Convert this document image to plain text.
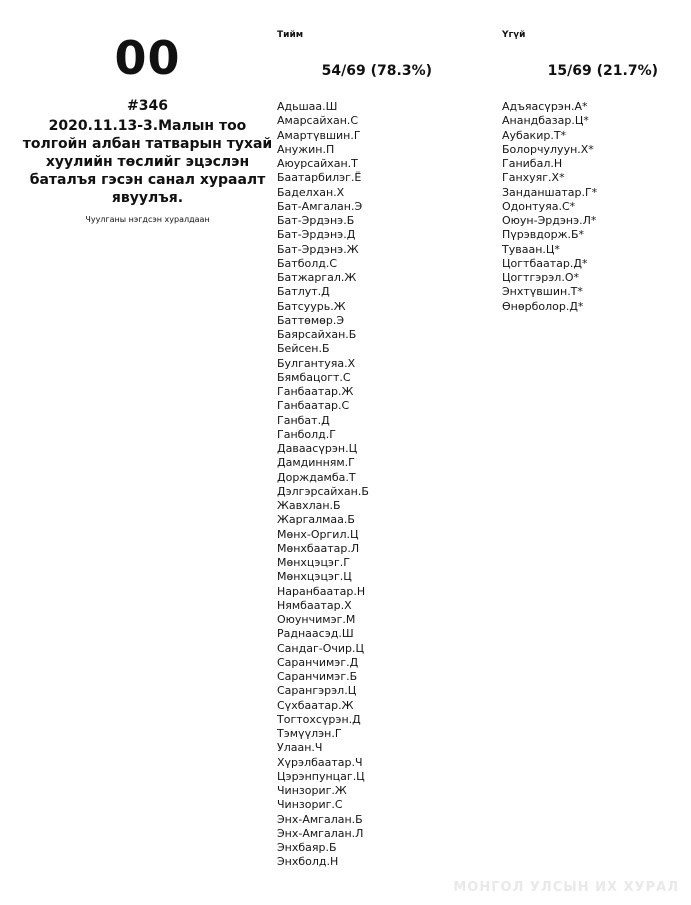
00
#346
2020.11.13-3.Малын тоо толгойн албан татварын тухай хуулийн төслийг эцэслэн баталъя гэсэн санал хураалт явуулъя.
Чуулганы нэгдсэн хуралдаан
Тийм
54/69 (78.3%)
Үгүй
15/69 (21.7%)
Адьшаа.Ш
Амарсайхан.С
Амартүвшин.Г
Анужин.П
Аюурсайхан.Т
Баатарбилэг.Ё
Баделхан.Х
Бат-Амгалан.Э
Бат-Эрдэнэ.Б
Бат-Эрдэнэ.Д
Бат-Эрдэнэ.Ж
Батболд.С
Батжаргал.Ж
Батлут.Д
Батсуурь.Ж
Баттөмөр.Э
Баярсайхан.Б
Бейсен.Б
Булгантуяа.Х
Бямбацогт.С
Ганбаатар.Ж
Ганбаатар.С
Ганбат.Д
Ганболд.Г
Даваасүрэн.Ц
Дамдинням.Г
Дорждамба.Т
Дэлгэрсайхан.Б
Жавхлан.Б
Жаргалмаа.Б
Мөнх-Оргил.Ц
Мөнхбаатар.Л
Мөнхцэцэг.Г
Мөнхцэцэг.Ц
Наранбаатар.Н
Нямбаатар.Х
Оюунчимэг.М
Раднаасэд.Ш
Сандаг-Очир.Ц
Саранчимэг.Д
Саранчимэг.Б
Сарангэрэл.Ц
Сүхбаатар.Ж
Тогтохсүрэн.Д
Тэмүүлэн.Г
Улаан.Ч
Хүрэлбаатар.Ч
Цэрэнпунцаг.Ц
Чинзориг.Ж
Чинзориг.С
Энх-Амгалан.Б
Энх-Амгалан.Л
Энхбаяр.Б
Энхболд.Н
Адъяасүрэн.А*
Анандбазар.Ц*
Аубакир.Т*
Болорчулуун.Х*
Ганибал.Н
Ганхуяг.Х*
Занданшатар.Г*
Одонтуяа.С*
Оюун-Эрдэнэ.Л*
Пүрэвдорж.Б*
Туваан.Ц*
Цогтбаатар.Д*
Цогтгэрэл.О*
Энхтүвшин.Т*
Өнөрболор.Д*
МОНГОЛ УЛСЫН ИХ ХУРАЛ
